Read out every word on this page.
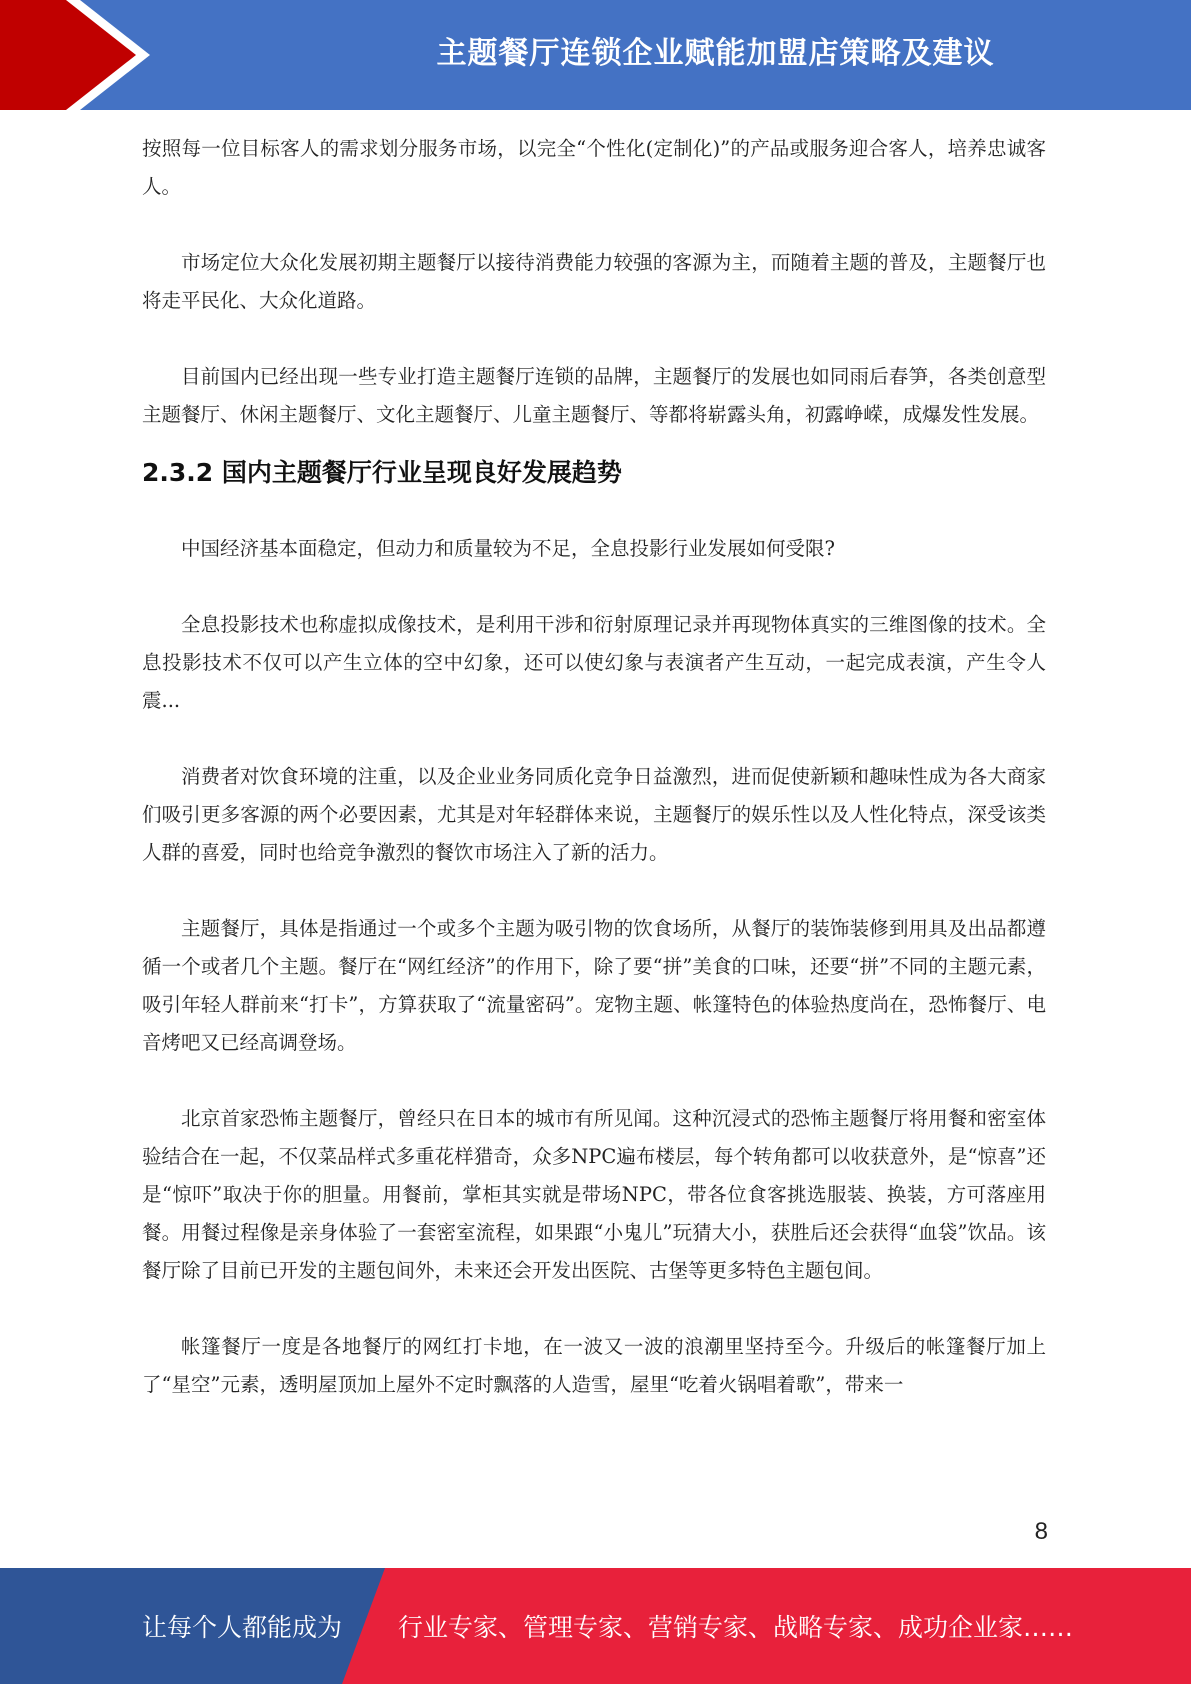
主题餐厅连锁企业赋能加盟店策略及建议

按照每一位目标客人的需求划分服务市场，以完全“个性化(定制化)”的产品或服务迎合客人，培养忠诚客人。

市场定位大众化发展初期主题餐厅以接待消费能力较强的客源为主，而随着主题的普及，主题餐厅也将走平民化、大众化道路。

目前国内已经出现一些专业打造主题餐厅连锁的品牌，主题餐厅的发展也如同雨后春笋，各类创意型主题餐厅、休闲主题餐厅、文化主题餐厅、儿童主题餐厅、等都将崭露头角，初露峥嵘，成爆发性发展。

2.3.2 国内主题餐厅行业呈现良好发展趋势

中国经济基本面稳定，但动力和质量较为不足，全息投影行业发展如何受限?

全息投影技术也称虚拟成像技术，是利用干涉和衍射原理记录并再现物体真实的三维图像的技术。全息投影技术不仅可以产生立体的空中幻象，还可以使幻象与表演者产生互动，一起完成表演，产生令人震...

消费者对饮食环境的注重，以及企业业务同质化竞争日益激烈，进而促使新颖和趣味性成为各大商家们吸引更多客源的两个必要因素，尤其是对年轻群体来说，主题餐厅的娱乐性以及人性化特点，深受该类人群的喜爱，同时也给竞争激烈的餐饮市场注入了新的活力。

主题餐厅，具体是指通过一个或多个主题为吸引物的饮食场所，从餐厅的装饰装修到用具及出品都遵循一个或者几个主题。餐厅在“网红经济”的作用下，除了要“拼”美食的口味，还要“拼”不同的主题元素，吸引年轻人群前来“打卡”，方算获取了“流量密码”。宠物主题、帐篷特色的体验热度尚在，恐怖餐厅、电音烤吧又已经高调登场。

北京首家恐怖主题餐厅，曾经只在日本的城市有所见闻。这种沉浸式的恐怖主题餐厅将用餐和密室体验结合在一起，不仅菜品样式多重花样猎奇，众多NPC遍布楼层，每个转角都可以收获意外，是“惊喜”还是“惊吓”取决于你的胆量。用餐前，掌柜其实就是带场NPC，带各位食客挑选服装、换装，方可落座用餐。用餐过程像是亲身体验了一套密室流程，如果跟“小鬼儿”玩猜大小，获胜后还会获得“血袋”饮品。该餐厅除了目前已开发的主题包间外，未来还会开发出医院、古堡等更多特色主题包间。

帐篷餐厅一度是各地餐厅的网红打卡地，在一波又一波的浪潮里坚持至今。升级后的帐篷餐厅加上了“星空”元素，透明屋顶加上屋外不定时飘落的人造雪，屋里“吃着火锅唱着歌”，带来一

8
让每个人都能成为 行业专家、管理专家、营销专家、战略专家、成功企业家……
